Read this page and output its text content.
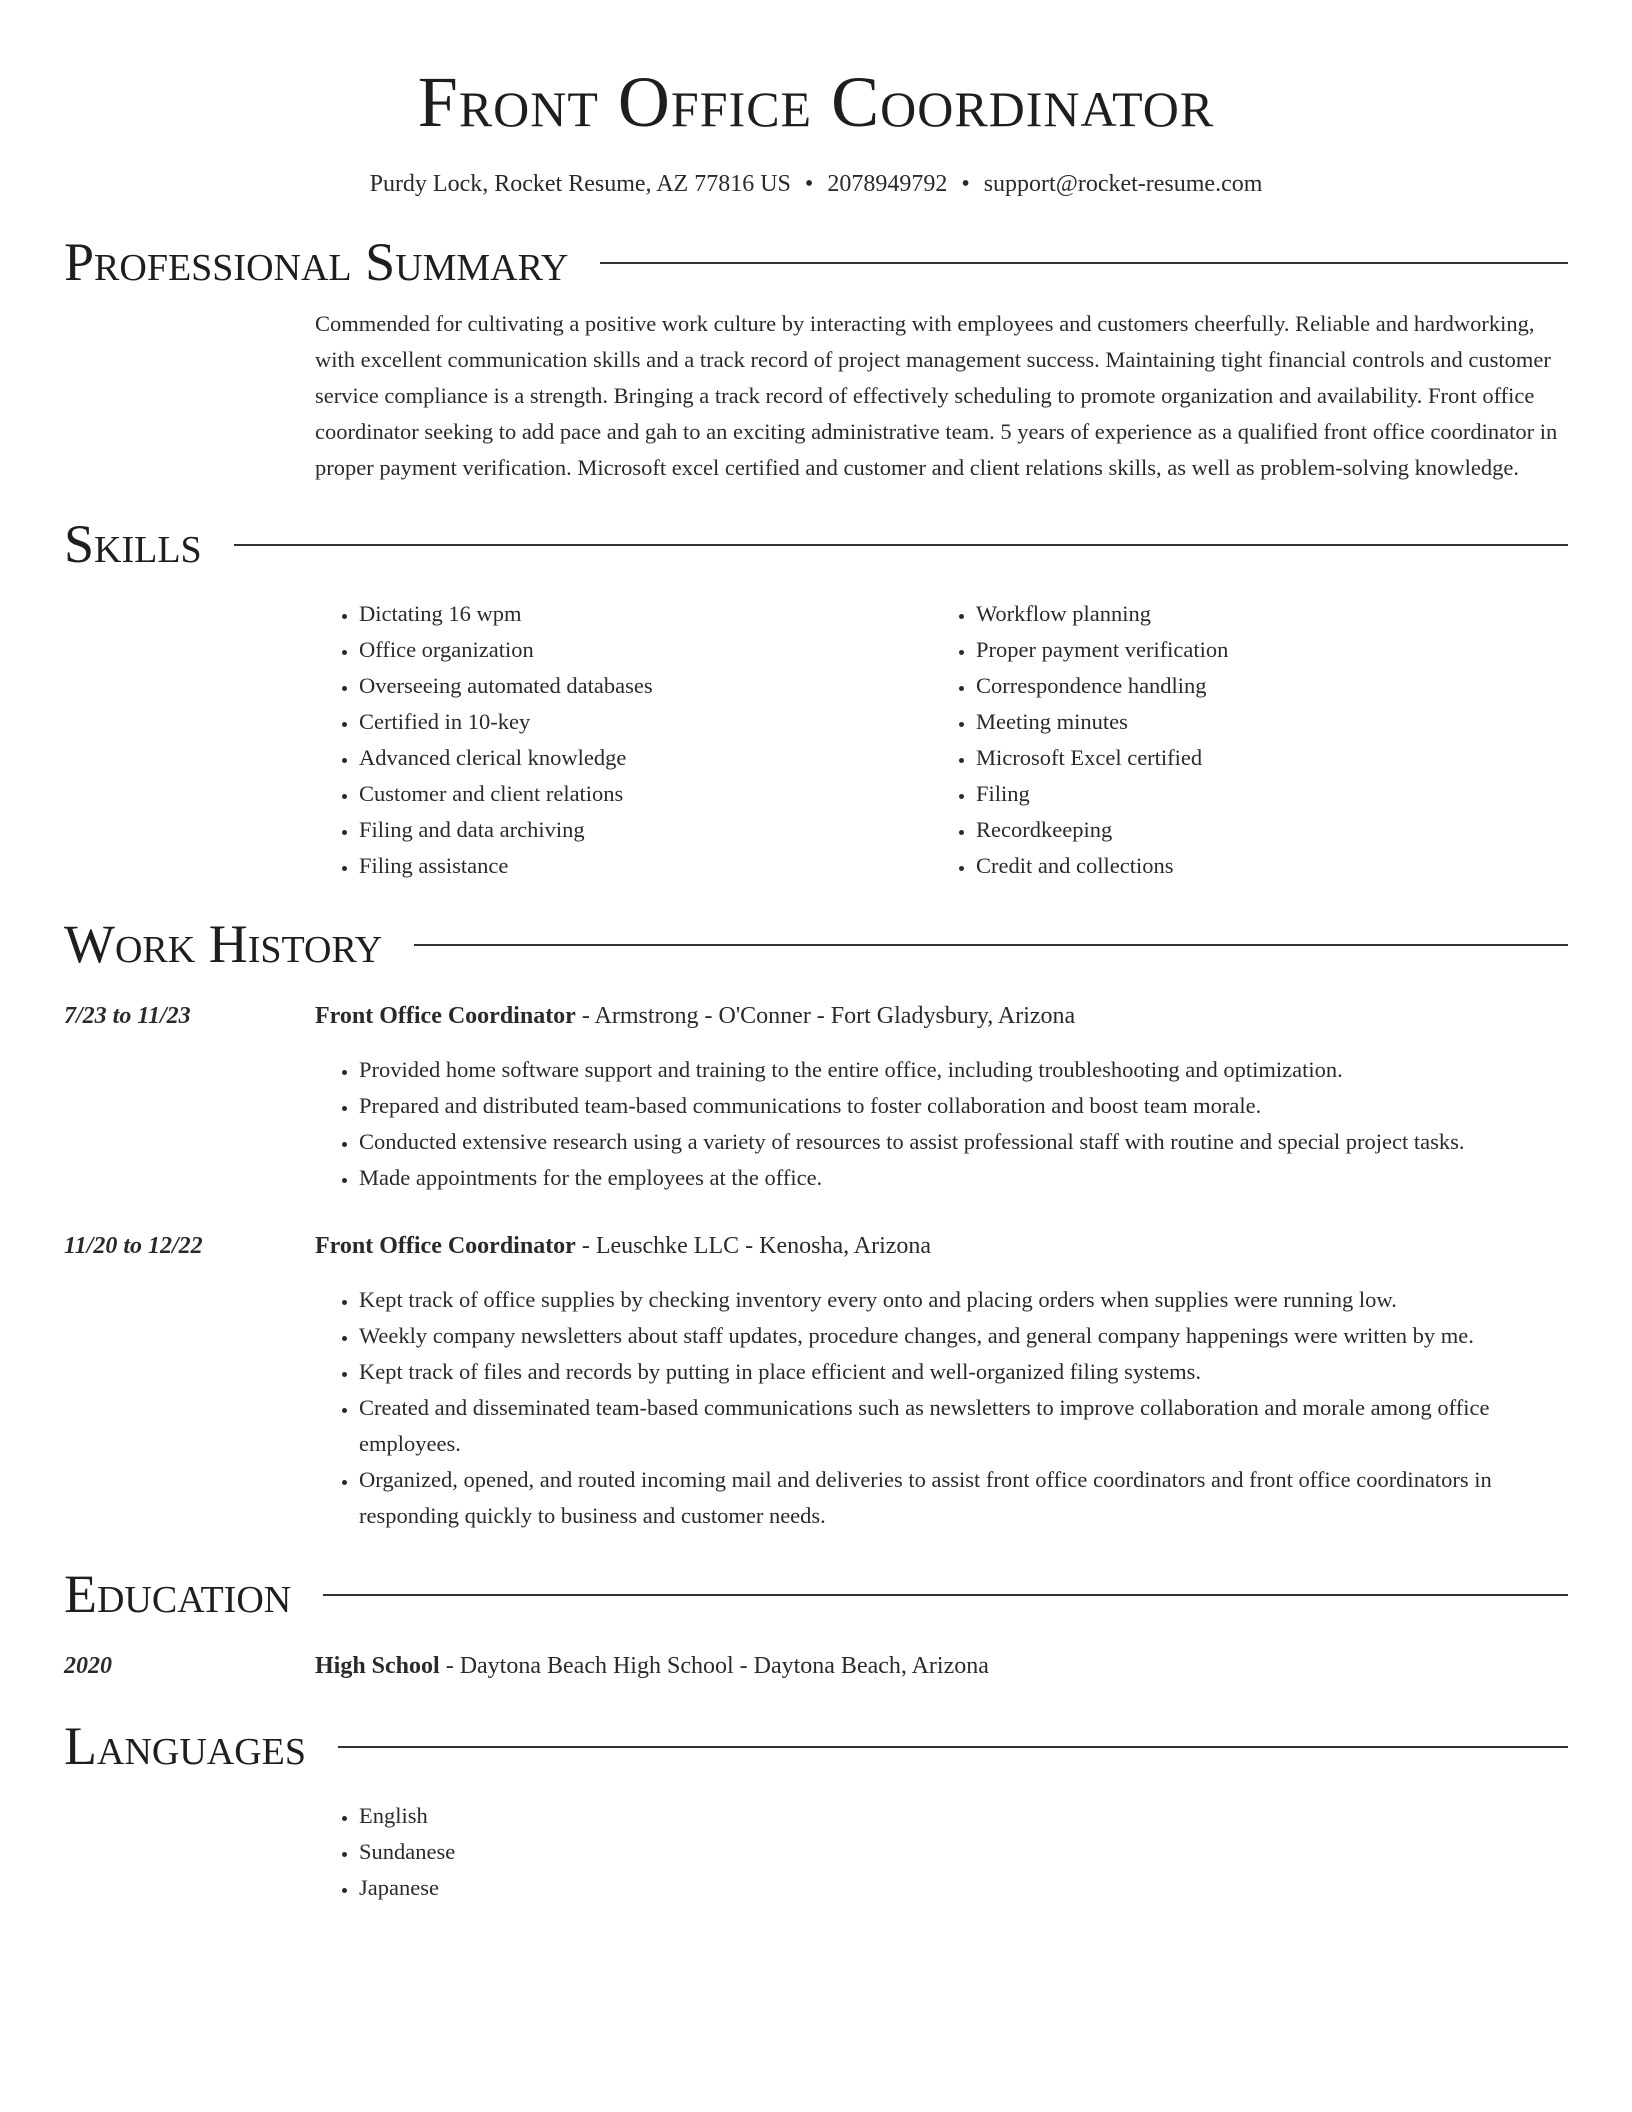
Front Office Coordinator
Purdy Lock, Rocket Resume, AZ 77816 US • 2078949792 • support@rocket-resume.com
Professional Summary
Commended for cultivating a positive work culture by interacting with employees and customers cheerfully. Reliable and hardworking, with excellent communication skills and a track record of project management success. Maintaining tight financial controls and customer service compliance is a strength. Bringing a track record of effectively scheduling to promote organization and availability. Front office coordinator seeking to add pace and gah to an exciting administrative team. 5 years of experience as a qualified front office coordinator in proper payment verification. Microsoft excel certified and customer and client relations skills, as well as problem-solving knowledge.
Skills
• Dictating 16 wpm
• Office organization
• Overseeing automated databases
• Certified in 10-key
• Advanced clerical knowledge
• Customer and client relations
• Filing and data archiving
• Filing assistance
• Workflow planning
• Proper payment verification
• Correspondence handling
• Meeting minutes
• Microsoft Excel certified
• Filing
• Recordkeeping
• Credit and collections
Work History
7/23 to 11/23	Front Office Coordinator - Armstrong - O'Conner - Fort Gladysbury, Arizona
• Provided home software support and training to the entire office, including troubleshooting and optimization.
• Prepared and distributed team-based communications to foster collaboration and boost team morale.
• Conducted extensive research using a variety of resources to assist professional staff with routine and special project tasks.
• Made appointments for the employees at the office.
11/20 to 12/22	Front Office Coordinator - Leuschke LLC - Kenosha, Arizona
• Kept track of office supplies by checking inventory every onto and placing orders when supplies were running low.
• Weekly company newsletters about staff updates, procedure changes, and general company happenings were written by me.
• Kept track of files and records by putting in place efficient and well-organized filing systems.
• Created and disseminated team-based communications such as newsletters to improve collaboration and morale among office employees.
• Organized, opened, and routed incoming mail and deliveries to assist front office coordinators and front office coordinators in responding quickly to business and customer needs.
Education
2020	High School - Daytona Beach High School - Daytona Beach, Arizona
Languages
• English
• Sundanese
• Japanese
